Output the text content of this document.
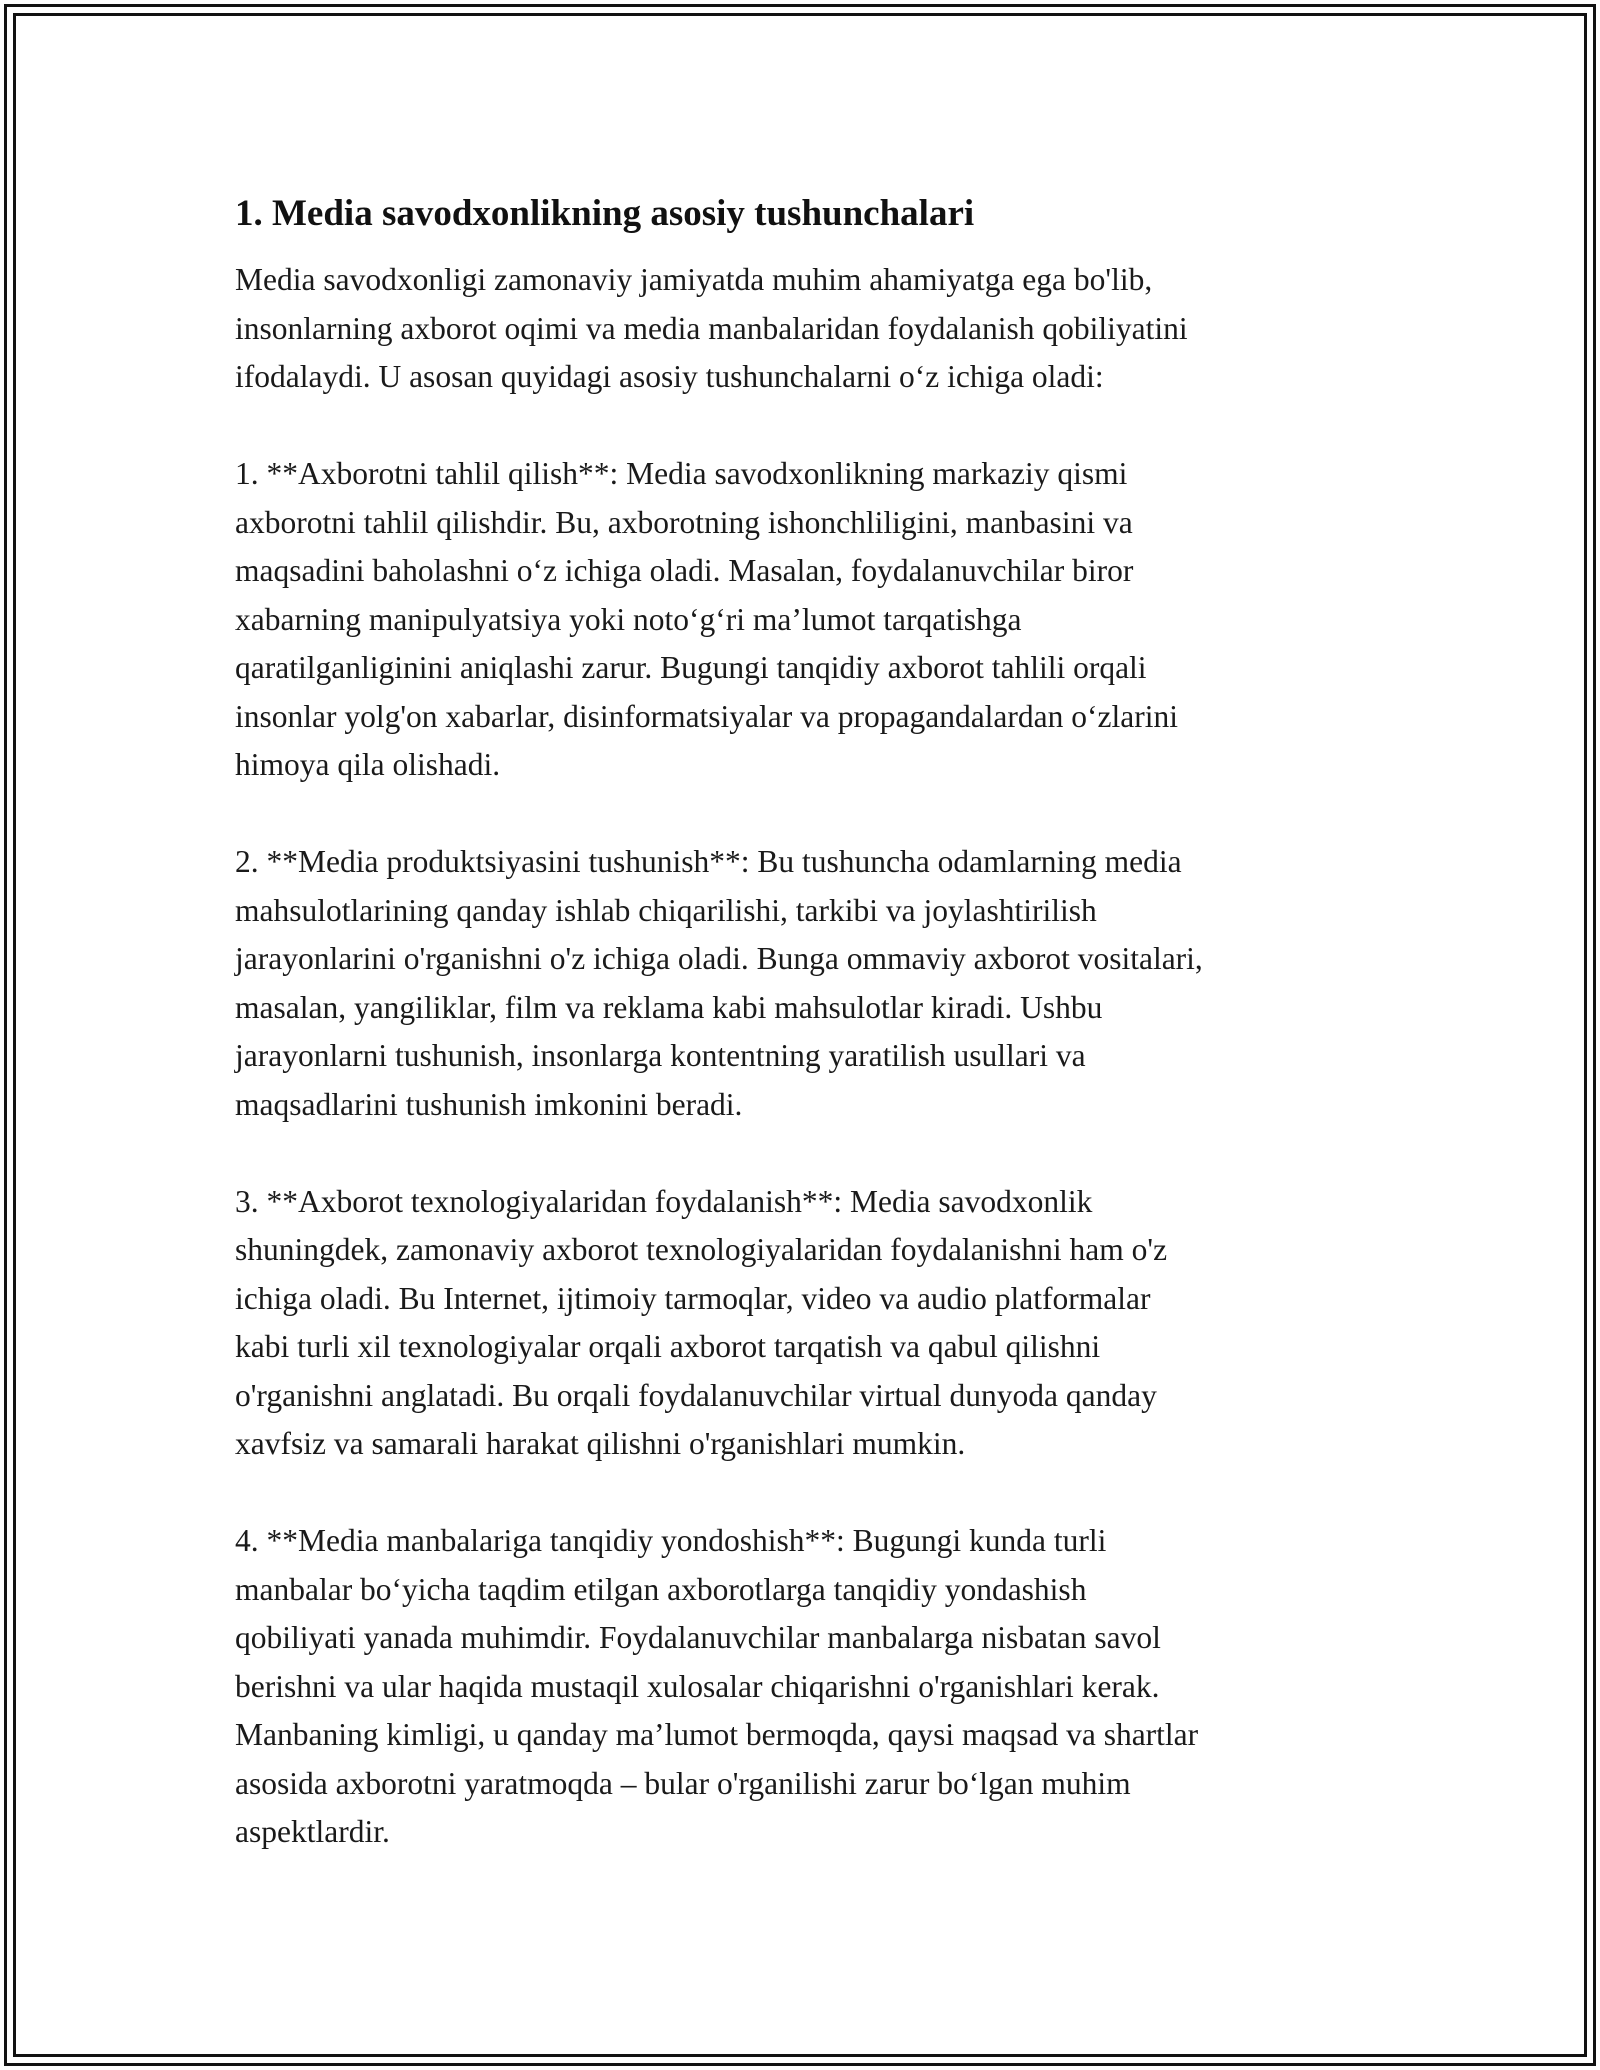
1. Media savodxonlikning asosiy tushunchalari

Media savodxonligi zamonaviy jamiyatda muhim ahamiyatga ega bo'lib,
insonlarning axborot oqimi va media manbalaridan foydalanish qobiliyatini
ifodalaydi. U asosan quyidagi asosiy tushunchalarni o‘z ichiga oladi:

1. **Axborotni tahlil qilish**: Media savodxonlikning markaziy qismi
axborotni tahlil qilishdir. Bu, axborotning ishonchliligini, manbasini va
maqsadini baholashni o‘z ichiga oladi. Masalan, foydalanuvchilar biror
xabarning manipulyatsiya yoki noto‘g‘ri ma’lumot tarqatishga
qaratilganliginini aniqlashi zarur. Bugungi tanqidiy axborot tahlili orqali
insonlar yolg'on xabarlar, disinformatsiyalar va propagandalardan o‘zlarini
himoya qila olishadi.

2. **Media produktsiyasini tushunish**: Bu tushuncha odamlarning media
mahsulotlarining qanday ishlab chiqarilishi, tarkibi va joylashtirilish
jarayonlarini o'rganishni o'z ichiga oladi. Bunga ommaviy axborot vositalari,
masalan, yangiliklar, film va reklama kabi mahsulotlar kiradi. Ushbu
jarayonlarni tushunish, insonlarga kontentning yaratilish usullari va
maqsadlarini tushunish imkonini beradi.

3. **Axborot texnologiyalaridan foydalanish**: Media savodxonlik
shuningdek, zamonaviy axborot texnologiyalaridan foydalanishni ham o'z
ichiga oladi. Bu Internet, ijtimoiy tarmoqlar, video va audio platformalar
kabi turli xil texnologiyalar orqali axborot tarqatish va qabul qilishni
o'rganishni anglatadi. Bu orqali foydalanuvchilar virtual dunyoda qanday
xavfsiz va samarali harakat qilishni o'rganishlari mumkin.

4. **Media manbalariga tanqidiy yondoshish**: Bugungi kunda turli
manbalar bo‘yicha taqdim etilgan axborotlarga tanqidiy yondashish
qobiliyati yanada muhimdir. Foydalanuvchilar manbalarga nisbatan savol
berishni va ular haqida mustaqil xulosalar chiqarishni o'rganishlari kerak.
Manbaning kimligi, u qanday ma’lumot bermoqda, qaysi maqsad va shartlar
asosida axborotni yaratmoqda – bular o'rganilishi zarur bo‘lgan muhim
aspektlardir.
